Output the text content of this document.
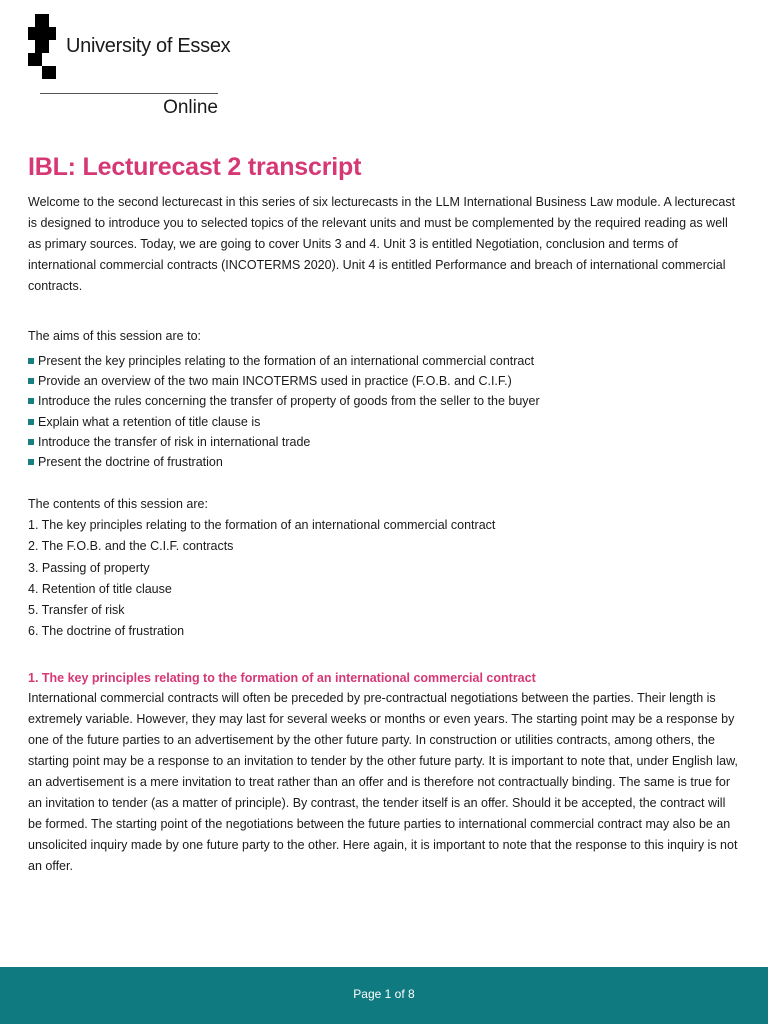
University of Essex
Online
IBL: Lecturecast 2 transcript

Welcome to the second lecturecast in this series of six lecturecasts in the LLM International Business Law module. A lecturecast is designed to introduce you to selected topics of the relevant units and must be complemented by the required reading as well as primary sources. Today, we are going to cover Units 3 and 4. Unit 3 is entitled Negotiation, conclusion and terms of international commercial contracts (INCOTERMS 2020). Unit 4 is entitled Performance and breach of international commercial contracts.

The aims of this session are to:

Present the key principles relating to the formation of an international commercial contract
Provide an overview of the two main INCOTERMS used in practice (F.O.B. and C.I.F.)
Introduce the rules concerning the transfer of property of goods from the seller to the buyer
Explain what a retention of title clause is
Introduce the transfer of risk in international trade
Present the doctrine of frustration

The contents of this session are:

1. The key principles relating to the formation of an international commercial contract
2. The F.O.B. and the C.I.F. contracts
3. Passing of property
4. Retention of title clause
5. Transfer of risk
6. The doctrine of frustration
1. The key principles relating to the formation of an international commercial contract

International commercial contracts will often be preceded by pre-contractual negotiations between the parties. Their length is extremely variable. However, they may last for several weeks or months or even years. The starting point may be a response by one of the future parties to an advertisement by the other future party. In construction or utilities contracts, among others, the starting point may be a response to an invitation to tender by the other future party. It is important to note that, under English law, an advertisement is a mere invitation to treat rather than an offer and is therefore not contractually binding. The same is true for an invitation to tender (as a matter of principle). By contrast, the tender itself is an offer. Should it be accepted, the contract will be formed. The starting point of the negotiations between the future parties to international commercial contract may also be an unsolicited inquiry made by one future party to the other. Here again, it is important to note that the response to this inquiry is not an offer.

Page 1 of 8
